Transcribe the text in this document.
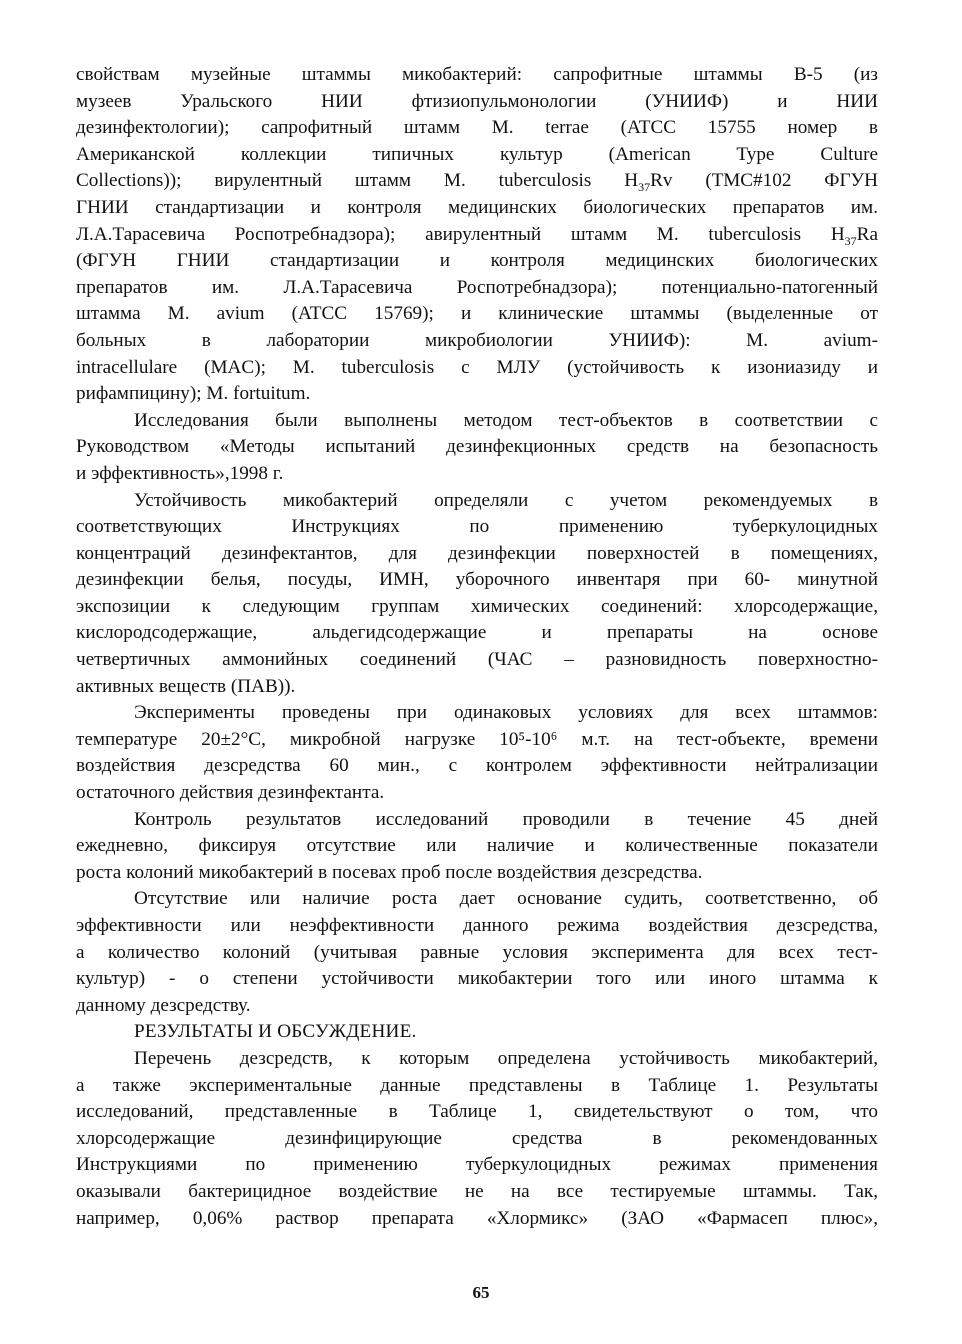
свойствам музейные штаммы микобактерий: сапрофитные штаммы В-5 (из
музеев Уральского НИИ фтизиопульмонологии (УНИИФ) и НИИ
дезинфектологии); сапрофитный штамм M. terrae (ATCC 15755 номер в
Американской коллекции типичных культур (American Type Culture
Collections)); вирулентный штамм M. tuberculosis $H_{37}Rv$ (ТМС#102 ФГУН
ГНИИ стандартизации и контроля медицинских биологических препаратов им.
Л.А.Тарасевича Роспотребнадзора); авирулентный штамм M. tuberculosis $H_{37}Ra$
(ФГУН ГНИИ стандартизации и контроля медицинских биологических
препаратов им. Л.А.Тарасевича Роспотребнадзора); потенциально-патогенный
штамма M. avium (ATCC 15769); и клинические штаммы (выделенные от
больных в лаборатории микробиологии УНИИФ): M. avium-
intracellulare (MAC); M. tuberculosis с МЛУ (устойчивость к изониазиду и
рифампицину); M. fortuitum.
Исследования были выполнены методом тест-объектов в соответствии с
Руководством «Методы испытаний дезинфекционных средств на безопасность
и эффективность»,1998 г.
Устойчивость микобактерий определяли с учетом рекомендуемых в
соответствующих Инструкциях по применению туберкулоцидных
концентраций дезинфектантов, для дезинфекции поверхностей в помещениях,
дезинфекции белья, посуды, ИМН, уборочного инвентаря при 60- минутной
экспозиции к следующим группам химических соединений: хлорсодержащие,
кислородсодержащие, альдегидсодержащие и препараты на основе
четвертичных аммонийных соединений (ЧАС – разновидность поверхностно-
активных веществ (ПАВ)).
Эксперименты проведены при одинаковых условиях для всех штаммов:
температуре 20±2°С, микробной нагрузке 10⁵-10⁶ м.т. на тест-объекте, времени
воздействия дезсредства 60 мин., с контролем эффективности нейтрализации
остаточного действия дезинфектанта.
Контроль результатов исследований проводили в течение 45 дней
ежедневно, фиксируя отсутствие или наличие и количественные показатели
роста колоний микобактерий в посевах проб после воздействия дезсредства.
Отсутствие или наличие роста дает основание судить, соответственно, об
эффективности или неэффективности данного режима воздействия дезсредства,
а количество колоний (учитывая равные условия эксперимента для всех тест-
культур) - о степени устойчивости микобактерии того или иного штамма к
данному дезсредству.
РЕЗУЛЬТАТЫ И ОБСУЖДЕНИЕ.
Перечень дезсредств, к которым определена устойчивость микобактерий,
а также экспериментальные данные представлены в Таблице 1. Результаты
исследований, представленные в Таблице 1, свидетельствуют о том, что
хлорсодержащие дезинфицирующие средства в рекомендованных
Инструкциями по применению туберкулоцидных режимах применения
оказывали бактерицидное воздействие не на все тестируемые штаммы. Так,
например, 0,06% раствор препарата «Хлормикс» (ЗАО «Фармасеп плюс»,
65
